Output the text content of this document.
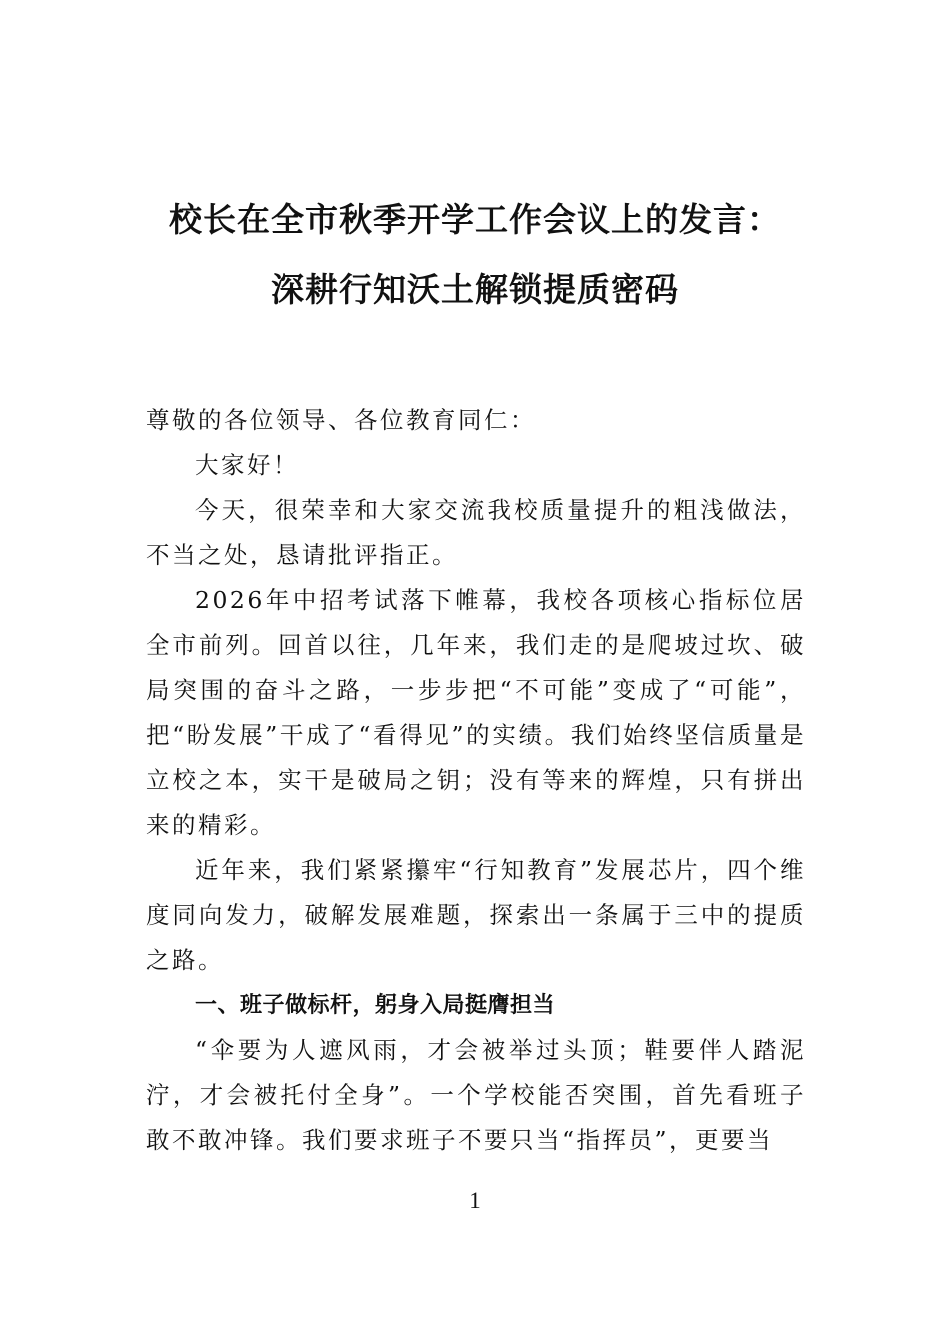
校长在全市秋季开学工作会议上的发言：
深耕行知沃土解锁提质密码

尊敬的各位领导、各位教育同仁：

大家好！

今天，很荣幸和大家交流我校质量提升的粗浅做法，不当之处，恳请批评指正。

2026年中招考试落下帷幕，我校各项核心指标位居全市前列。回首以往，几年来，我们走的是爬坡过坎、破局突围的奋斗之路，一步步把“不可能”变成了“可能”，把“盼发展”干成了“看得见”的实绩。我们始终坚信质量是立校之本，实干是破局之钥；没有等来的辉煌，只有拼出来的精彩。

近年来，我们紧紧攥牢“行知教育”发展芯片，四个维度同向发力，破解发展难题，探索出一条属于三中的提质之路。

一、班子做标杆，躬身入局挺膺担当

“伞要为人遮风雨，才会被举过头顶；鞋要伴人踏泥泞，才会被托付全身”。一个学校能否突围，首先看班子敢不敢冲锋。我们要求班子不要只当“指挥员”，更要当

1
